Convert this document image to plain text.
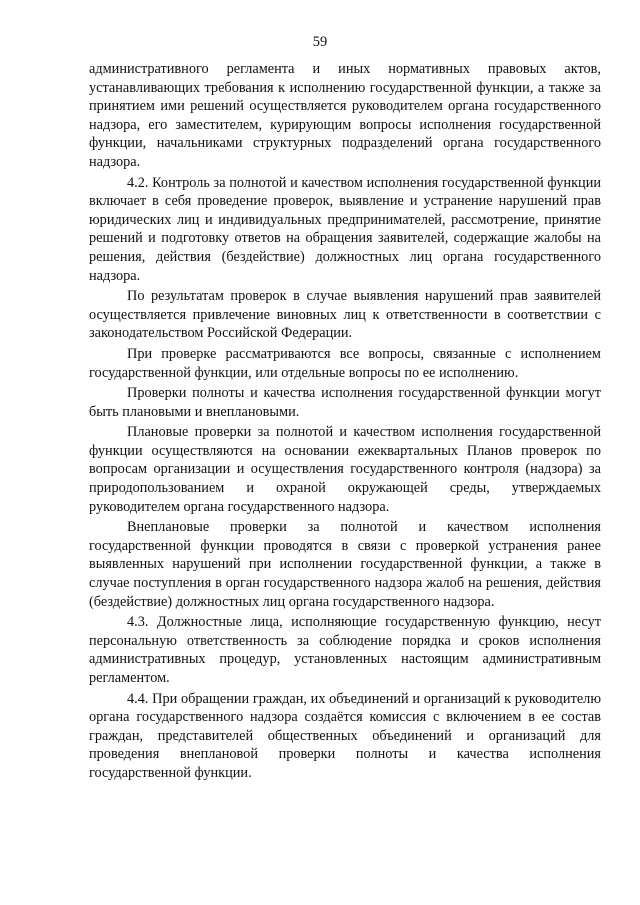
59

административного регламента и иных нормативных правовых актов, устанавливающих требования к исполнению государственной функции, а также за принятием ими решений осуществляется руководителем органа государственного надзора, его заместителем, курирующим вопросы исполнения государственной функции, начальниками структурных подразделений органа государственного надзора.

4.2. Контроль за полнотой и качеством исполнения государственной функции включает в себя проведение проверок, выявление и устранение нарушений прав юридических лиц и индивидуальных предпринимателей, рассмотрение, принятие решений и подготовку ответов на обращения заявителей, содержащие жалобы на решения, действия (бездействие) должностных лиц органа государственного надзора.

По результатам проверок в случае выявления нарушений прав заявителей осуществляется привлечение виновных лиц к ответственности в соответствии с законодательством Российской Федерации.

При проверке рассматриваются все вопросы, связанные с исполнением государственной функции, или отдельные вопросы по ее исполнению.

Проверки полноты и качества исполнения государственной функции могут быть плановыми и внеплановыми.

Плановые проверки за полнотой и качеством исполнения государственной функции осуществляются на основании ежеквартальных Планов проверок по вопросам организации и осуществления государственного контроля (надзора) за природопользованием и охраной окружающей среды, утверждаемых руководителем органа государственного надзора.

Внеплановые проверки за полнотой и качеством исполнения государственной функции проводятся в связи с проверкой устранения ранее выявленных нарушений при исполнении государственной функции, а также в случае поступления в орган государственного надзора жалоб на решения, действия (бездействие) должностных лиц органа государственного надзора.

4.3. Должностные лица, исполняющие государственную функцию, несут персональную ответственность за соблюдение порядка и сроков исполнения административных процедур, установленных настоящим административным регламентом.

4.4. При обращении граждан, их объединений и организаций к руководителю органа государственного надзора создаётся комиссия с включением в ее состав граждан, представителей общественных объединений и организаций для проведения внеплановой проверки полноты и качества исполнения государственной функции.
